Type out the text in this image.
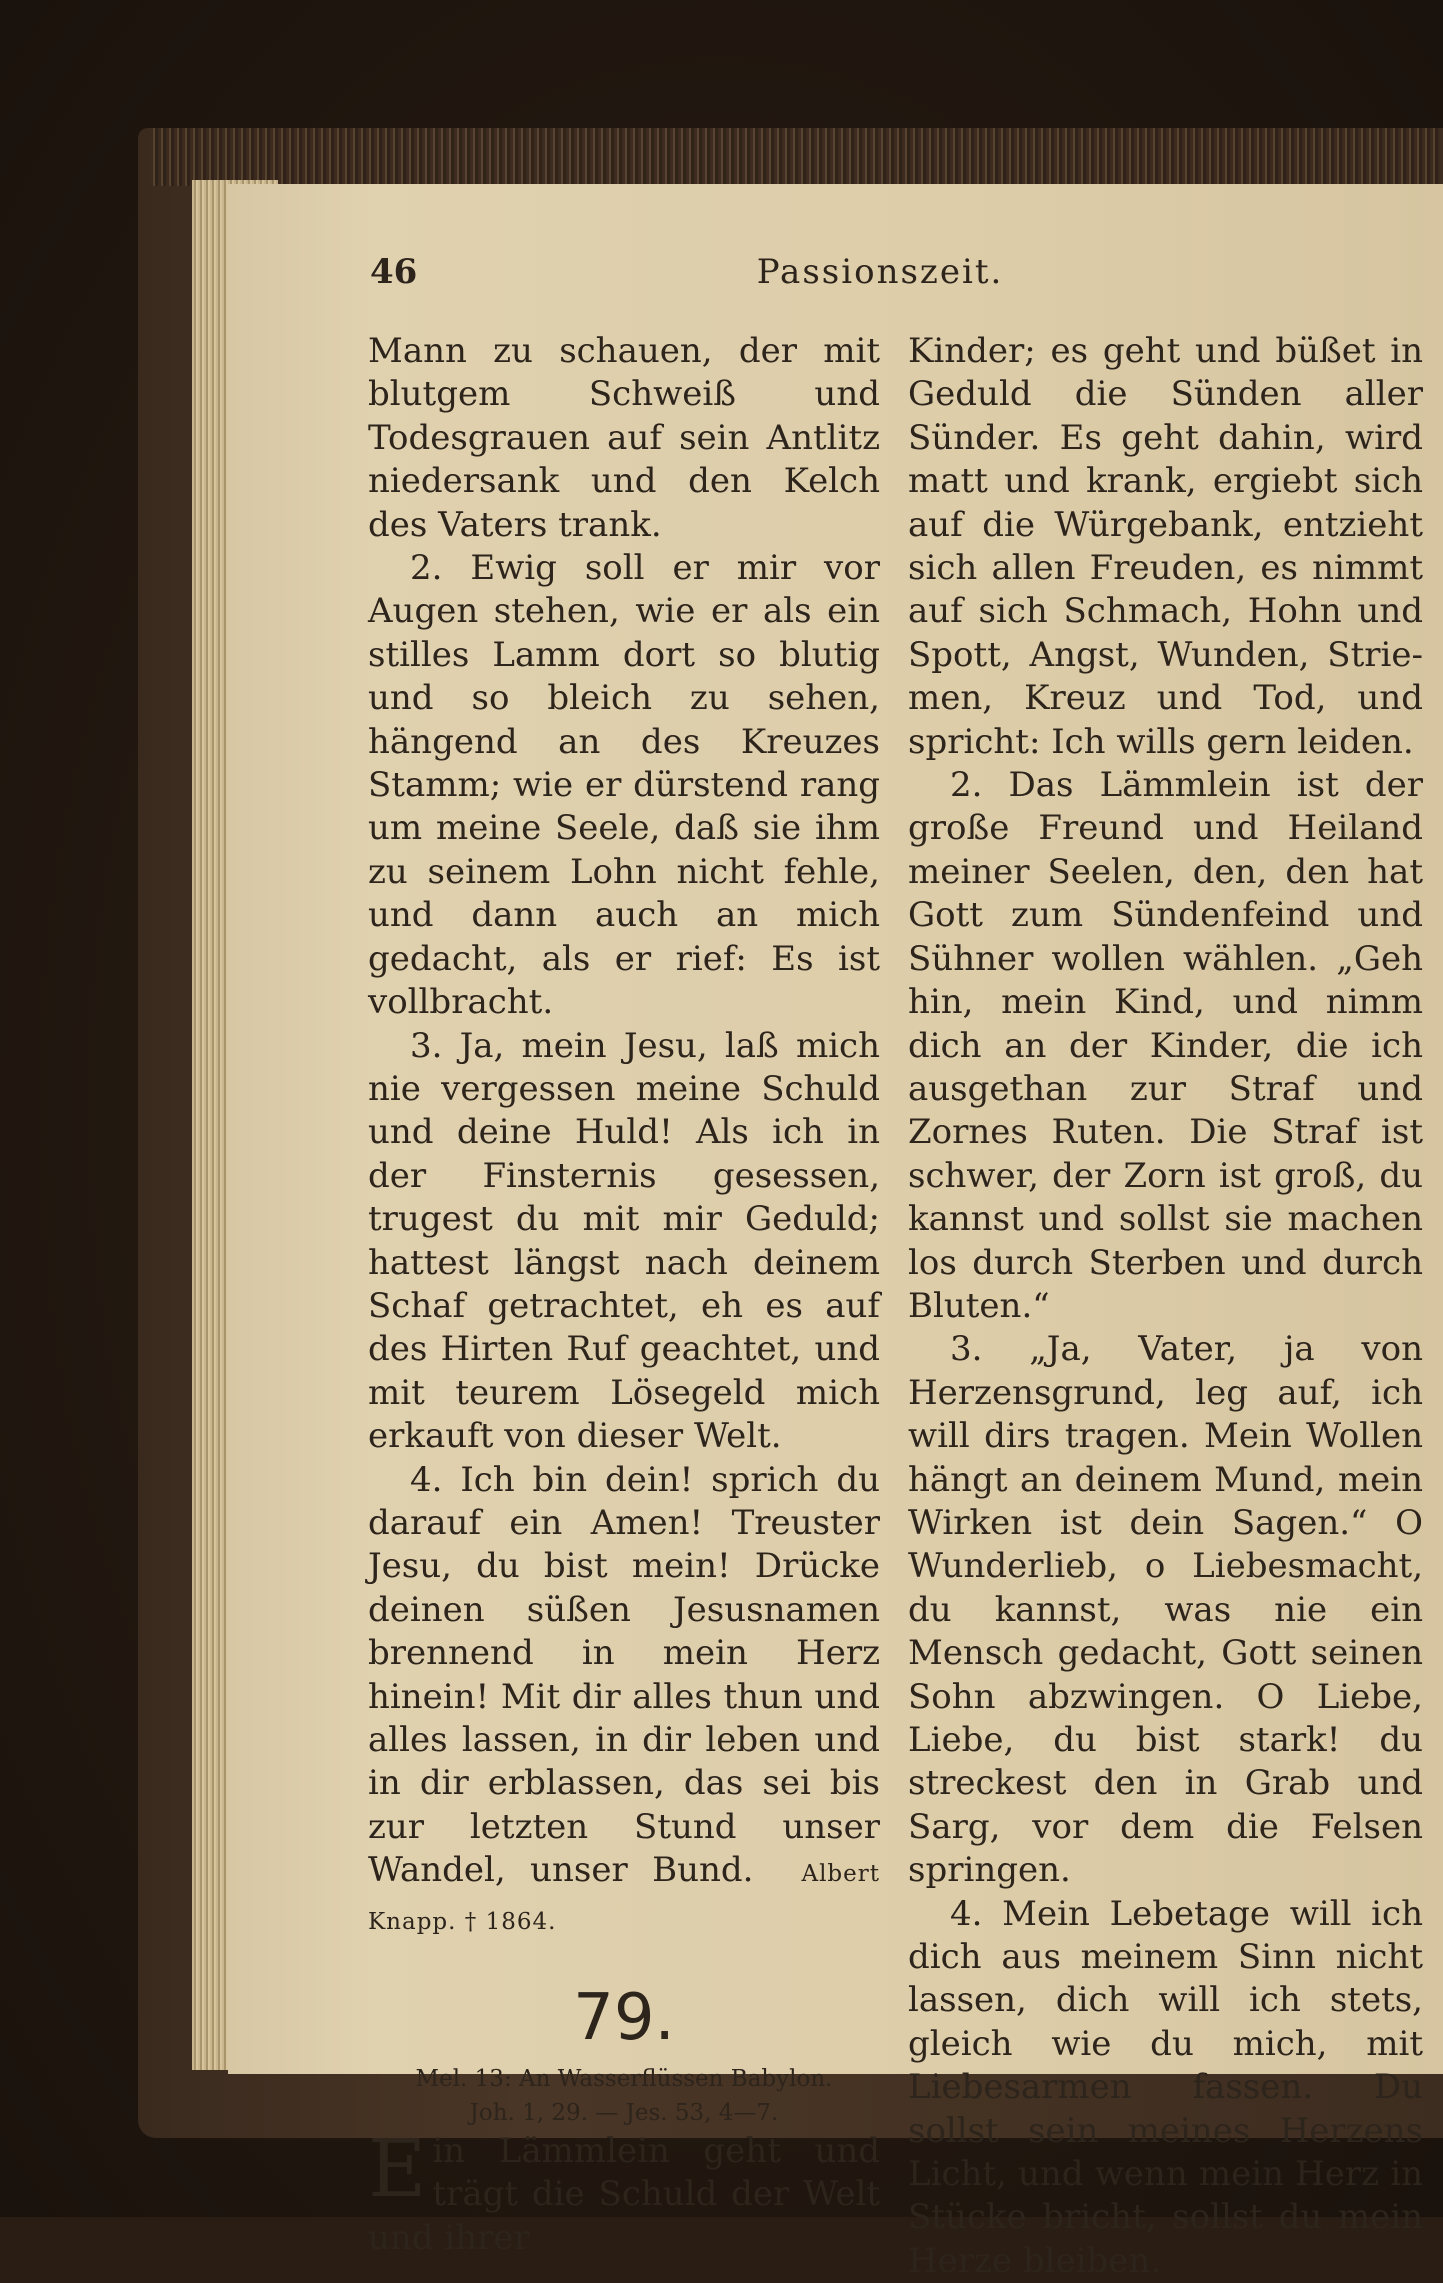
46	Passionszeit.

Mann zu schauen, der mit blutgem Schweiß und Todesgrauen auf sein Antlitz niedersank und den Kelch des Vaters trank.

2. Ewig soll er mir vor Augen stehen, wie er als ein stilles Lamm dort so blutig und so bleich zu sehen, hängend an des Kreuzes Stamm; wie er dürstend rang um meine Seele, daß sie ihm zu seinem Lohn nicht fehle, und dann auch an mich gedacht, als er rief: Es ist vollbracht.

3. Ja, mein Jesu, laß mich nie vergessen meine Schuld und deine Huld! Als ich in der Finsternis gesessen, trugest du mit mir Geduld; hattest längst nach deinem Schaf getrachtet, eh es auf des Hirten Ruf geachtet, und mit teurem Lösegeld mich erkauft von dieser Welt.

4. Ich bin dein! sprich du darauf ein Amen! Treuster Jesu, du bist mein! Drücke deinen süßen Jesusnamen brennend in mein Herz hinein! Mit dir alles thun und alles lassen, in dir leben und in dir erblassen, das sei bis zur letzten Stund unser Wandel, unser Bund. Albert Knapp. † 1864.

79.

Mel. 13: An Wasserflüssen Babylon.

Joh. 1, 29. — Jes. 53, 4—7.

Ein Lämmlein geht und trägt die Schuld der Welt und ihrer

Kinder; es geht und büßet in Geduld die Sünden aller Sünder. Es geht dahin, wird matt und krank, ergiebt sich auf die Würgebank, entzieht sich allen Freuden, es nimmt auf sich Schmach, Hohn und Spott, Angst, Wunden, Striemen, Kreuz und Tod, und spricht: Ich wills gern leiden.

2. Das Lämmlein ist der große Freund und Heiland meiner Seelen, den, den hat Gott zum Sündenfeind und Sühner wollen wählen. „Geh hin, mein Kind, und nimm dich an der Kinder, die ich ausgethan zur Straf und Zornes Ruten. Die Straf ist schwer, der Zorn ist groß, du kannst und sollst sie machen los durch Sterben und durch Bluten.“

3. „Ja, Vater, ja von Herzensgrund, leg auf, ich will dirs tragen. Mein Wollen hängt an deinem Mund, mein Wirken ist dein Sagen.“ O Wunderlieb, o Liebesmacht, du kannst, was nie ein Mensch gedacht, Gott seinen Sohn abzwingen. O Liebe, Liebe, du bist stark! du streckest den in Grab und Sarg, vor dem die Felsen springen.

4. Mein Lebetage will ich dich aus meinem Sinn nicht lassen, dich will ich stets, gleich wie du mich, mit Liebesarmen fassen. Du sollst sein meines Herzens Licht, und wenn mein Herz in Stücke bricht, sollst du mein Herze bleiben.
